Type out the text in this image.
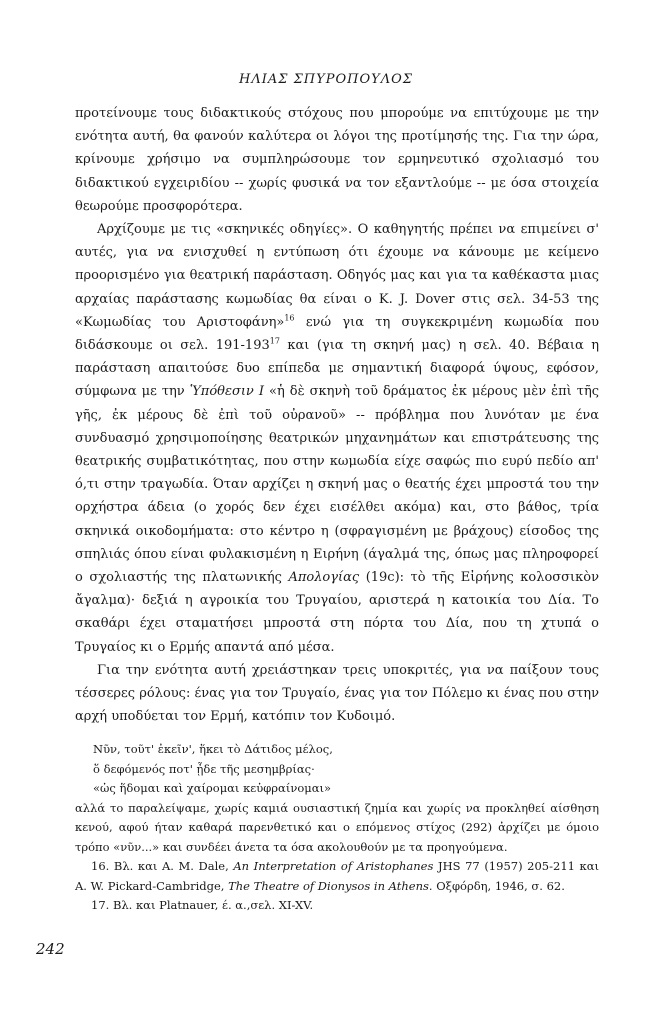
ΗΛΙΑΣ ΣΠΥΡΟΠΟΥΛΟΣ

προτείνουμε τους διδακτικούς στόχους που μπορούμε να επιτύχουμε με την ενότητα αυτή, θα φανούν καλύτερα οι λόγοι της προτίμησής της. Για την ώρα, κρίνουμε χρήσιμο να συμπληρώσουμε τον ερμηνευτικό σχολιασμό του διδακτικού εγχειριδίου -- χωρίς φυσικά να τον εξαντλούμε -- με όσα στοιχεία θεωρούμε προσφορότερα.

Αρχίζουμε με τις «σκηνικές οδηγίες». Ο καθηγητής πρέπει να επιμείνει σ' αυτές, για να ενισχυθεί η εντύπωση ότι έχουμε να κάνουμε με κείμενο προορισμένο για θεατρική παράσταση. Οδηγός μας και για τα καθέκαστα μιας αρχαίας παράστασης κωμωδίας θα είναι ο K. J. Dover στις σελ. 34-53 της «Κωμωδίας του Αριστοφάνη»$^{16}$ ενώ για τη συγκεκριμένη κωμωδία που διδάσκουμε οι σελ. $191-193^{17}$ και (για τη σκηνή μας) η σελ. 40. Βέβαια η παράσταση απαιτούσε δυο επίπεδα με σημαντική διαφορά ύψους, εφόσον, σύμφωνα με την Ὑπόθεσιν Ι «ἡ δὲ σκηνὴ τοῦ δράματος ἐκ μέρους μὲν ἐπὶ τῆς γῆς, ἐκ μέρους δὲ ἐπὶ τοῦ οὐρανοῦ» -- πρόβλημα που λυνόταν με ένα συνδυασμό χρησιμοποίησης θεατρικών μηχανημάτων και επιστράτευσης της θεατρικής συμβατικότητας, που στην κωμωδία είχε σαφώς πιο ευρύ πεδίο απ' ό,τι στην τραγωδία. Όταν αρχίζει η σκηνή μας ο θεατής έχει μπροστά του την ορχήστρα άδεια (ο χορός δεν έχει εισέλθει ακόμα) και, στο βάθος, τρία σκηνικά οικοδομήματα: στο κέντρο η (σφραγισμένη με βράχους) είσοδος της σπηλιάς όπου είναι φυλακισμένη η Ειρήνη (άγαλμά της, όπως μας πληροφορεί ο σχολιαστής της πλατωνικής Απολογίας (19c): τὸ τῆς Εἰρήνης κολοσσικὸν ἄγαλμα)· δεξιά η αγροικία του Τρυγαίου, αριστερά η κατοικία του Δία. Το σκαθάρι έχει σταματήσει μπροστά στη πόρτα του Δία, που τη χτυπά ο Τρυγαίος κι ο Ερμής απαντά από μέσα.

Για την ενότητα αυτή χρειάστηκαν τρεις υποκριτές, για να παίξουν τους τέσσερες ρόλους: ένας για τον Τρυγαίο, ένας για τον Πόλεμο κι ένας που στην αρχή υποδύεται τον Ερμή, κατόπιν τον Κυδοιμό.

Νῦν, τοῦτ' ἐκεῖν', ἥκει τὸ Δάτιδος μέλος,
ὅ δεφόμενός ποτ' ᾖδε τῆς μεσημβρίας·
«ὡς ἥδομαι καὶ χαίρομαι κεὐφραίνομαι»

αλλά το παραλείψαμε, χωρίς καμιά ουσιαστική ζημία και χωρίς να προκληθεί αίσθηση κενού, αφού ήταν καθαρά παρενθετικό και ο επόμενος στίχος (292) ἀρχίζει με όμοιο τρόπο «νῦν...» και συνδέει άνετα τα όσα ακολουθούν με τα προηγούμενα.

16. Βλ. και A. M. Dale, An Interpretation of Aristophanes JHS 77 (1957) 205-211 και A. W. Pickard-Cambridge, The Theatre of Dionysos in Athens. Οξφόρδη, 1946, σ. 62.

17. Βλ. και Platnauer, έ. α.,σελ. XI-XV.

242
